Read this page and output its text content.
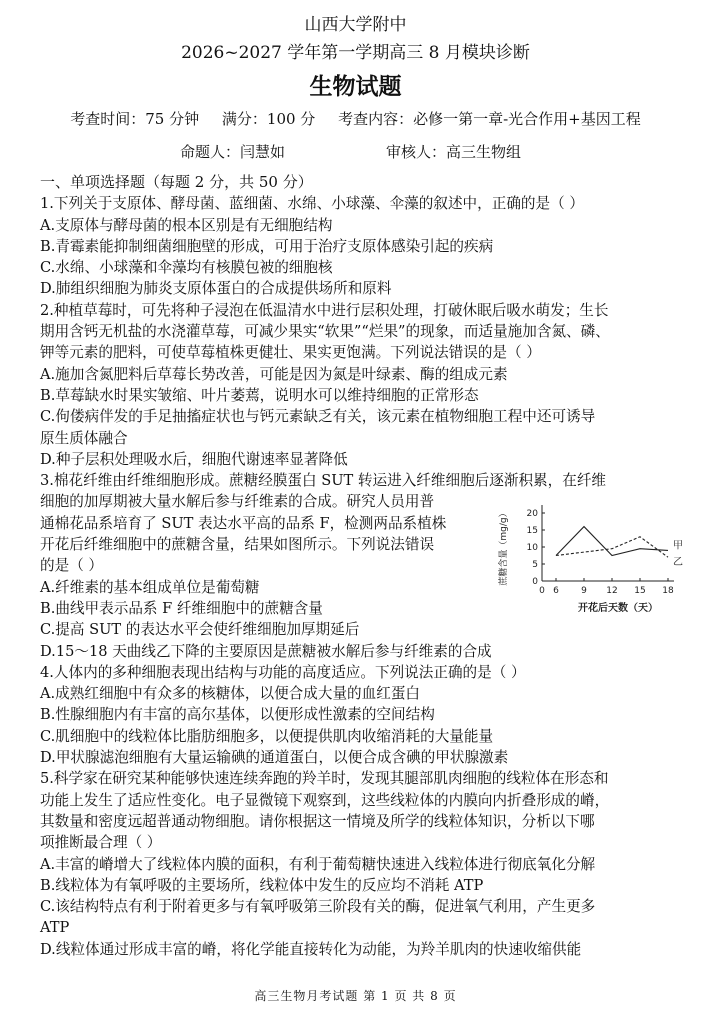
山西大学附中
2026~2027 学年第一学期高三 8 月模块诊断
生物试题
考查时间：75 分钟 满分：100 分 考查内容：必修一第一章-光合作用+基因工程
命题人：闫慧如	审核人：高三生物组

一、单项选择题（每题 2 分，共 50 分）

1.下列关于支原体、酵母菌、蓝细菌、水绵、小球藻、伞藻的叙述中，正确的是（ ）

A.支原体与酵母菌的根本区别是有无细胞结构

B.青霉素能抑制细菌细胞壁的形成，可用于治疗支原体感染引起的疾病

C.水绵、小球藻和伞藻均有核膜包被的细胞核

D.肺组织细胞为肺炎支原体蛋白的合成提供场所和原料

2.种植草莓时，可先将种子浸泡在低温清水中进行层积处理，打破休眠后吸水萌发；生长

期用含钙无机盐的水浇灌草莓，可减少果实“软果”“烂果”的现象，而适量施加含氮、磷、

钾等元素的肥料，可使草莓植株更健壮、果实更饱满。下列说法错误的是（ ）

A.施加含氮肥料后草莓长势改善，可能是因为氮是叶绿素、酶的组成元素

B.草莓缺水时果实皱缩、叶片萎蔫，说明水可以维持细胞的正常形态

C.佝偻病伴发的手足抽搐症状也与钙元素缺乏有关，该元素在植物细胞工程中还可诱导

原生质体融合

D.种子层积处理吸水后，细胞代谢速率显著降低

3.棉花纤维由纤维细胞形成。蔗糖经膜蛋白 SUT 转运进入纤维细胞后逐渐积累，在纤维

细胞的加厚期被大量水解后参与纤维素的合成。研究人员用普

通棉花品系培育了 SUT 表达水平高的品系 F，检测两品系植株

开花后纤维细胞中的蔗糖含量，结果如图所示。下列说法错误

的是（ ）

A.纤维素的基本组成单位是葡萄糖

B.曲线甲表示品系 F 纤维细胞中的蔗糖含量

0
5
10
15
20
0 6 9 12 15 18
蔗糖含量（mg/g）
开花后天数（天）
甲
乙

C.提高 SUT 的表达水平会使纤维细胞加厚期延后

D.15～18 天曲线乙下降的主要原因是蔗糖被水解后参与纤维素的合成

4.人体内的多种细胞表现出结构与功能的高度适应。下列说法正确的是（ ）

A.成熟红细胞中有众多的核糖体，以便合成大量的血红蛋白

B.性腺细胞内有丰富的高尔基体，以便形成性激素的空间结构

C.肌细胞中的线粒体比脂肪细胞多，以便提供肌肉收缩消耗的大量能量

D.甲状腺滤泡细胞有大量运输碘的通道蛋白，以便合成含碘的甲状腺激素

5.科学家在研究某种能够快速连续奔跑的羚羊时，发现其腿部肌肉细胞的线粒体在形态和

功能上发生了适应性变化。电子显微镜下观察到，这些线粒体的内膜向内折叠形成的嵴，

其数量和密度远超普通动物细胞。请你根据这一情境及所学的线粒体知识，分析以下哪

项推断最合理（ ）

A.丰富的嵴增大了线粒体内膜的面积，有利于葡萄糖快速进入线粒体进行彻底氧化分解

B.线粒体为有氧呼吸的主要场所，线粒体中发生的反应均不消耗 ATP

C.该结构特点有利于附着更多与有氧呼吸第三阶段有关的酶，促进氧气利用，产生更多

ATP

D.线粒体通过形成丰富的嵴，将化学能直接转化为动能，为羚羊肌肉的快速收缩供能

高三生物月考试题 第 1 页 共 8 页
